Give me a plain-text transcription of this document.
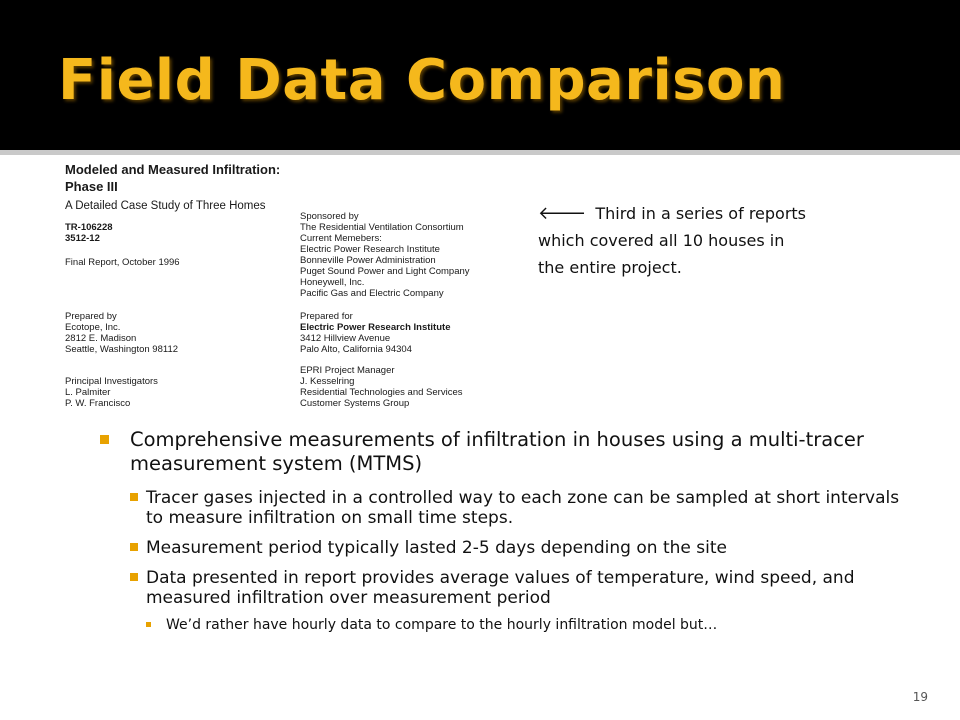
Field Data Comparison
Modeled and Measured Infiltration:
Phase III
A Detailed Case Study of Three Homes
TR-106228
3512-12
Final Report, October 1996
Sponsored by
The Residential Ventilation Consortium
Current Memebers:
Electric Power Research Institute
Bonneville Power Administration
Puget Sound Power and Light Company
Honeywell, Inc.
Pacific Gas and Electric Company
Prepared by
Ecotope, Inc.
2812 E. Madison
Seattle, Washington 98112
Prepared for
Electric Power Research Institute
3412 Hillview Avenue
Palo Alto, California 94304
Principal Investigators
L. Palmiter
P. W. Francisco
EPRI Project Manager
J. Kesselring
Residential Technologies and Services
Customer Systems Group
🡐 Third in a series of reports
which covered all 10 houses in
the entire project.
Comprehensive measurements of infiltration in houses using a multi-tracer measurement system (MTMS)
Tracer gases injected in a controlled way to each zone can be sampled at short intervals to measure infiltration on small time steps.
Measurement period typically lasted 2-5 days depending on the site
Data presented in report provides average values of temperature, wind speed, and measured infiltration over measurement period
We’d rather have hourly data to compare to the hourly infiltration model but…
19
